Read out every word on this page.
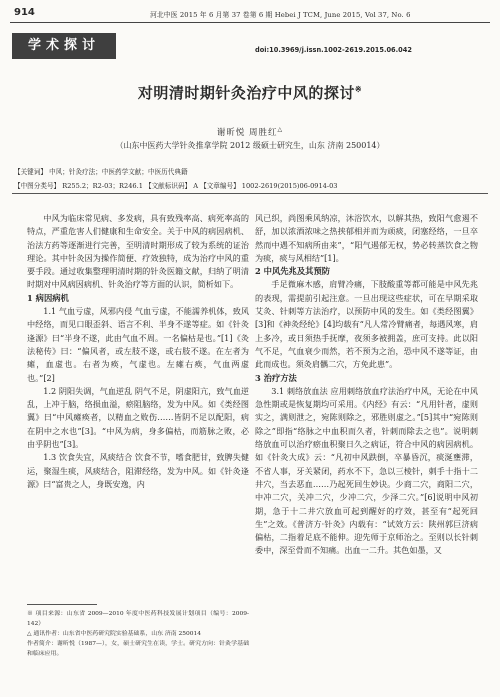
914	河北中医 2015 年 6 月第 37 卷第 6 期 Hebei J TCM, June 2015, Vol 37, No. 6
学术探讨	doi:10.3969/j.issn.1002-2619.2015.06.042
对明清时期针灸治疗中风的探讨※
谢昕悦 周胜红△
（山东中医药大学针灸推拿学院 2012 级硕士研究生，山东 济南 250014）
【关键词】 中风；针灸疗法；中医药学文献；中医历代典籍
【中图分类号】 R255.2；R2-03；R246.1 【文献标识码】 A 【文章编号】 1002-2619(2015)06-0914-03

中风为临床常见病、多发病，具有致残率高、病死率高的特点，严重危害人们健康和生命安全。关于中风的病因病机、治法方药等逐渐进行完善，至明清时期形成了较为系统的证治理论。其中针灸因为操作简便、疗效独特，成为治疗中风的重要手段。通过收集整理明清时期的针灸医籍文献，归纳了明清时期对中风病因病机、针灸治疗等方面的认识，简析如下。

1 病因病机

1.1 气血亏虚，风邪内侵 气血亏虚，不能濡养机体，致风中经络，而见口眼歪斜、语言不利、半身不遂等症。如《针灸逢源》曰“半身不遂，此由气血不周。一名偏枯是也。”[1]《灸法秘传》曰：“偏风者，或左肢不遂，或右肢不遂。在左者为瘫，血虚也。右者为痪，气虚也。左瘫右痪，气血两虚也。”[2]

1.2 阴阳失调，气血逆乱 阴气不足，阴虚阳亢，致气血逆乱，上冲于脑，络损血溢，瘀阻脑络，发为中风。如《类经图翼》曰“中风瘫痪者，以精血之败伤……皆阴不足以配阳，病在阴中之水也”[3]。“中风为病，身多偏枯，而筋脉之败，必由乎阴也”[3]。

1.3 饮食失宜，风痰结合 饮食不节，嗜食肥甘，致脾失健运，聚湿生痰，风痰结合，阻滞经络，发为中风。如《针灸逢源》曰“富贵之人，身既安逸，内

风已织，尚图乘风纳凉，沐浴饮水，以解其热，致阳气愈遏不舒，加以浓酒浓味之热挟郁相并而为顽痰，闭塞经络，一旦卒然而中遇不知病所由来”，“阳气遏郁无权，势必转蒸饮食之物为痰，痰与风相结”[1]。

2 中风先兆及其预防

手足微麻木感，肩臂冷痛，下肢酸重等都可能是中风先兆的表现，需提前引起注意。一旦出现这些症状，可在早期采取艾灸、针刺等方法治疗，以预防中风的发生。如《类经图翼》[3]和《神灸经纶》[4]均载有“凡人常冷臂痛者，每遇风寒，肩上多冷，或日须热手抚摩，夜须多被拥盖，庶可支持。此以阳气不足，气血衰少而然，若不预为之治，恐中风不遂等证，由此而成也。须灸肩髃二穴，方免此患”。

3 治疗方法

3.1 刺络放血法 应用刺络放血疗法治疗中风，无论在中风急性期或是恢复期均可采用。《内经》有云：“凡用针者，虚则实之，满则泄之，宛陈则除之，邪胜则虚之。”[5]其中“宛陈则除之”即指“络脉之中血积而久者，针刺而除去之也”。说明刺络放血可以治疗瘀血积聚日久之病证，符合中风的病因病机。如《针灸大成》云：“凡初中风跌倒，卒暴昏沉，痰涎壅滞，不省人事，牙关紧闭，药水不下，急以三棱针，刺手十指十二井穴，当去恶血……乃起死回生妙诀。少商二穴，商阳二穴，中冲二穴，关冲二穴，少冲二穴，少泽二穴。”[6]说明中风初期，急于十二井穴放血可起到醒好的疗效，甚至有“起死回生”之效。《普济方·针灸》内载有：“试效方云：陕州郭巨济病偏枯，二指着足底不能伸。迎先师于京师治之。至则以长针刺委中，深至骨而不知痛。出血一二升。其色如墨，又

※ 项目来源：山东省 2009—2010 年度中医药科技发展计划项目（编号：2009-142）

△ 通讯作者：山东省中医药研究院实验基础系，山东 济南 250014

作者简介：谢昕悦（1987—），女，硕士研究生在读，学士。研究方向：针灸学基础和临床应用。
